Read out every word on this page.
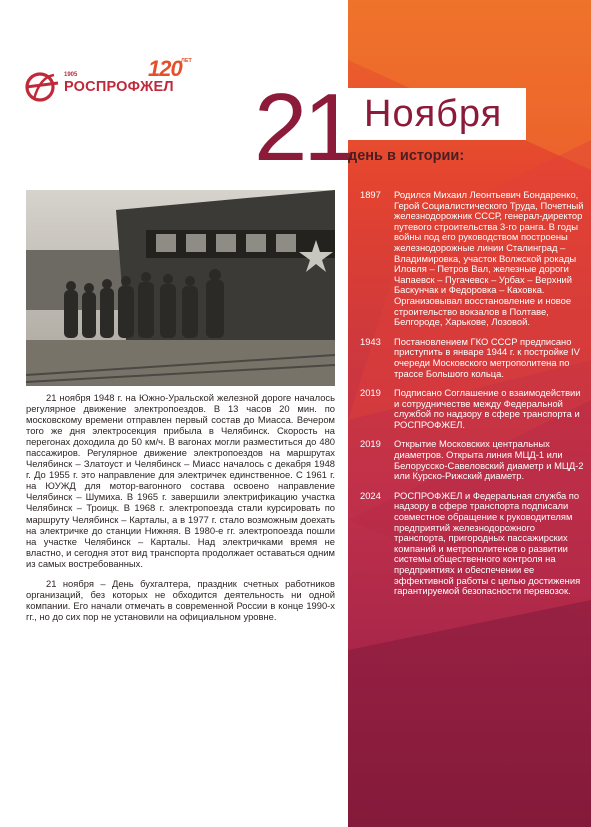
1905
РОСПРОФЖЕЛ
120 ЛЕТ
21 Ноября
день в истории:

21 ноября 1948 г. на Южно-Уральской железной дороге началось регулярное движение электропоездов. В 13 часов 20 мин. по московскому времени отправлен первый состав до Миасса. Вечером того же дня электросекция прибыла в Челябинск. Скорость на перегонах доходила до 50 км/ч. В вагонах могли разместиться до 480 пассажиров. Регулярное движение электропоездов на маршрутах Челябинск – Златоуст и Челябинск – Миасс началось с декабря 1948 г. До 1955 г. это направление для электричек единственное. С 1961 г. на ЮУЖД для мотор-вагонного состава освоено направление Челябинск – Шумиха. В 1965 г. завершили электрификацию участка Челябинск – Троицк. В 1968 г. электропоезда стали курсировать по маршруту Челябинск – Карталы, а в 1977 г. стало возможным доехать на электричке до станции Нижняя. В 1980-е гг. электропоезда пошли на участке Челябинск – Карталы. Над электричками время не властно, и сегодня этот вид транспорта продолжает оставаться одним из самых востребованных.

21 ноября – День бухгалтера, праздник счетных работников организаций, без которых не обходится деятельность ни одной компании. Его начали отмечать в современной России в конце 1990-х гг., но до сих пор не установили на официальном уровне.

1897	Родился Михаил Леонтьевич Бондаренко, Герой Социалистического Труда, Почетный железнодорожник СССР, генерал-директор путевого строительства 3-го ранга. В годы войны под его руководством построены железнодорожные линии Сталинград – Владимировка, участок Волжской рокады Иловля – Петров Вал, железные дороги Чапаевск – Пугачевск – Урбах – Верхний Баскунчак и Федоровка – Каховка. Организовывал восстановление и новое строительство вокзалов в Полтаве, Белгороде, Харькове, Лозовой.
1943	Постановлением ГКО СССР предписано приступить в январе 1944 г. к постройке IV очереди Московского метрополитена по трассе Большого кольца.
2019	Подписано Соглашение о взаимодействии и сотрудничестве между Федеральной службой по надзору в сфере транспорта и РОСПРОФЖЕЛ.
2019	Открытие Московских центральных диаметров. Открыта линия МЦД-1 или Белорусско-Савеловский диаметр и МЦД-2 или Курско-Рижский диаметр.
2024	РОСПРОФЖЕЛ и Федеральная служба по надзору в сфере транспорта подписали совместное обращение к руководителям предприятий железнодорожного транспорта, пригородных пассажирских компаний и метрополитенов о развитии системы общественного контроля на предприятиях и обеспечении ее эффективной работы с целью достижения гарантируемой безопасности перевозок.
